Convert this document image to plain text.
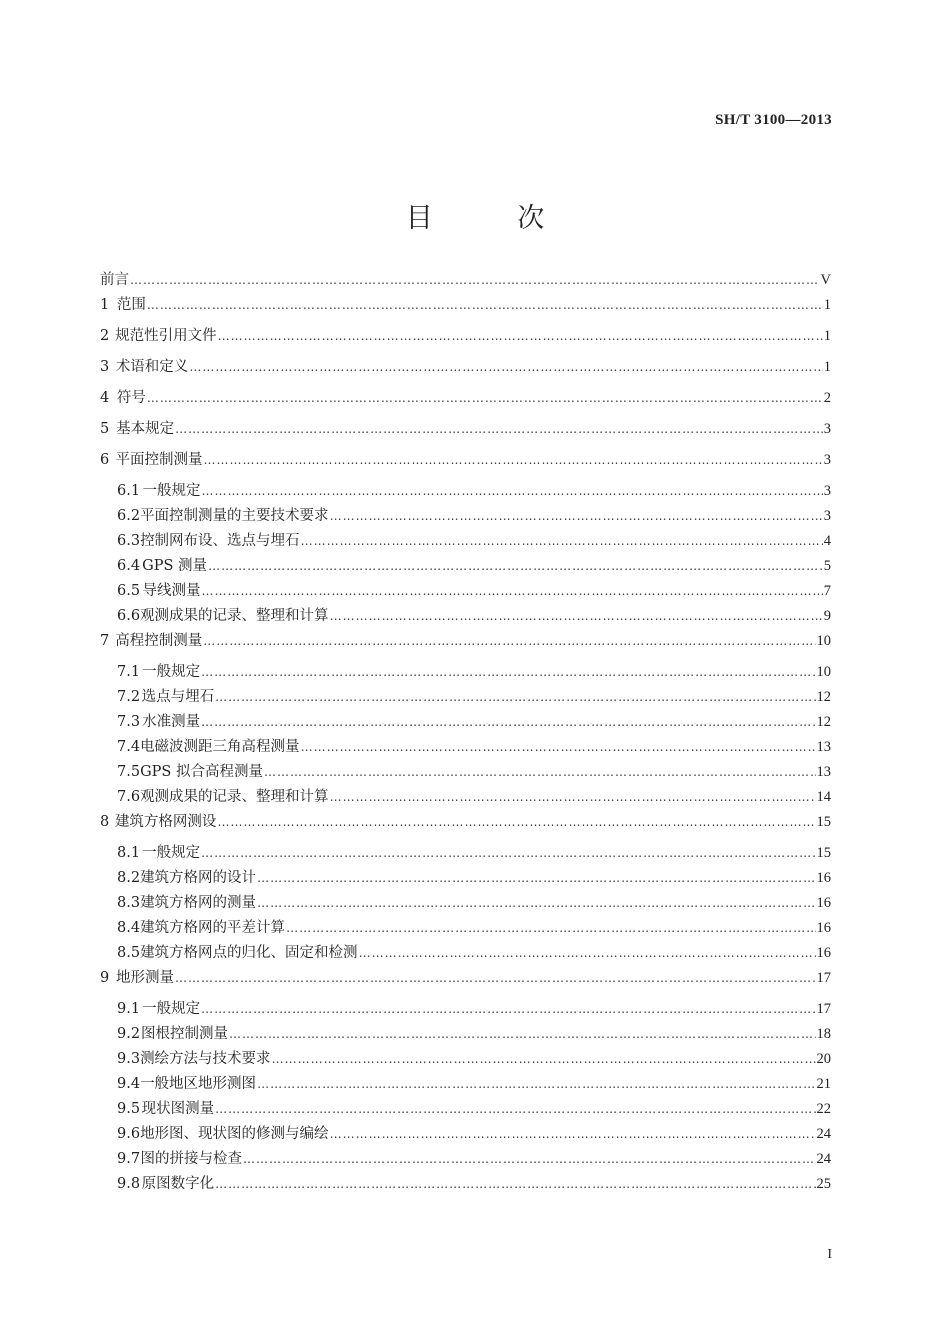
SH/T 3100—2013
目 次
前言 ……………………………………………………………………………………………………………………………………………………………………………………………………………	V
1 范围 ……………………………………………………………………………………………………………………………………………………………………………………………………………	1
2 规范性引用文件 ……………………………………………………………………………………………………………………………………………………………………………………………………………	1
3 术语和定义 ……………………………………………………………………………………………………………………………………………………………………………………………………………	1
4 符号 ……………………………………………………………………………………………………………………………………………………………………………………………………………	2
5 基本规定 ……………………………………………………………………………………………………………………………………………………………………………………………………………	3
6 平面控制测量 ……………………………………………………………………………………………………………………………………………………………………………………………………………	3
6.1 一般规定 ……………………………………………………………………………………………………………………………………………………………………………………………………………	3
6.2 平面控制测量的主要技术要求 ……………………………………………………………………………………………………………………………………………………………………………………………………………	3
6.3 控制网布设、选点与埋石 ……………………………………………………………………………………………………………………………………………………………………………………………………………	4
6.4 GPS 测量 ……………………………………………………………………………………………………………………………………………………………………………………………………………	5
6.5 导线测量 ……………………………………………………………………………………………………………………………………………………………………………………………………………	7
6.6 观测成果的记录、整理和计算 ……………………………………………………………………………………………………………………………………………………………………………………………………………	9
7 高程控制测量 ……………………………………………………………………………………………………………………………………………………………………………………………………………	10
7.1 一般规定 ……………………………………………………………………………………………………………………………………………………………………………………………………………	10
7.2 选点与埋石 ……………………………………………………………………………………………………………………………………………………………………………………………………………	12
7.3 水准测量 ……………………………………………………………………………………………………………………………………………………………………………………………………………	12
7.4 电磁波测距三角高程测量 ……………………………………………………………………………………………………………………………………………………………………………………………………………	13
7.5 GPS 拟合高程测量 ……………………………………………………………………………………………………………………………………………………………………………………………………………	13
7.6 观测成果的记录、整理和计算 ……………………………………………………………………………………………………………………………………………………………………………………………………………	14
8 建筑方格网测设 ……………………………………………………………………………………………………………………………………………………………………………………………………………	15
8.1 一般规定 ……………………………………………………………………………………………………………………………………………………………………………………………………………	15
8.2 建筑方格网的设计 ……………………………………………………………………………………………………………………………………………………………………………………………………………	16
8.3 建筑方格网的测量 ……………………………………………………………………………………………………………………………………………………………………………………………………………	16
8.4 建筑方格网的平差计算 ……………………………………………………………………………………………………………………………………………………………………………………………………………	16
8.5 建筑方格网点的归化、固定和检测 ……………………………………………………………………………………………………………………………………………………………………………………………………………	16
9 地形测量 ……………………………………………………………………………………………………………………………………………………………………………………………………………	17
9.1 一般规定 ……………………………………………………………………………………………………………………………………………………………………………………………………………	17
9.2 图根控制测量 ……………………………………………………………………………………………………………………………………………………………………………………………………………	18
9.3 测绘方法与技术要求 ……………………………………………………………………………………………………………………………………………………………………………………………………………	20
9.4 一般地区地形测图 ……………………………………………………………………………………………………………………………………………………………………………………………………………	21
9.5 现状图测量 ……………………………………………………………………………………………………………………………………………………………………………………………………………	22
9.6 地形图、现状图的修测与编绘 ……………………………………………………………………………………………………………………………………………………………………………………………………………	24
9.7 图的拼接与检查 ……………………………………………………………………………………………………………………………………………………………………………………………………………	24
9.8 原图数字化 ……………………………………………………………………………………………………………………………………………………………………………………………………………	25
I
